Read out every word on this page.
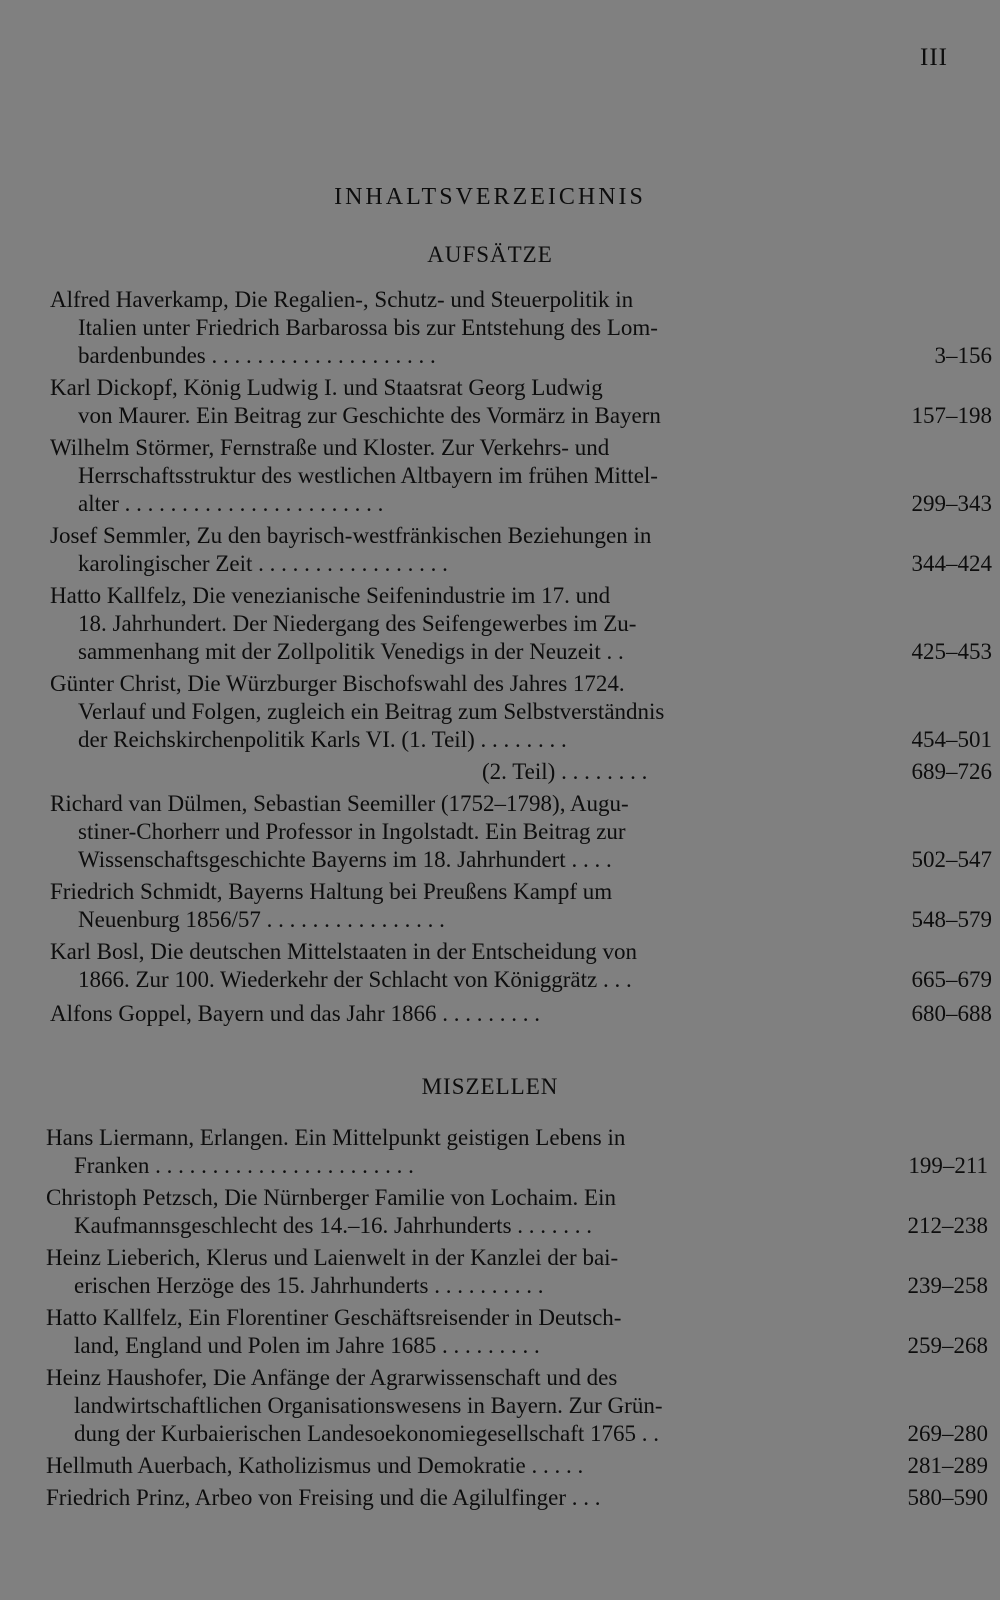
III
INHALTSVERZEICHNIS
AUFSÄTZE
Alfred Haverkamp, Die Regalien-, Schutz- und Steuerpolitik in
Italien unter Friedrich Barbarossa bis zur Entstehung des Lom-
bardenbundes . . . . . . . . . . . . . . . . . . . .	3–156
Karl Dickopf, König Ludwig I. und Staatsrat Georg Ludwig
von Maurer. Ein Beitrag zur Geschichte des Vormärz in Bayern	157–198
Wilhelm Störmer, Fernstraße und Kloster. Zur Verkehrs- und
Herrschaftsstruktur des westlichen Altbayern im frühen Mittel-
alter . . . . . . . . . . . . . . . . . . . . . . .	299–343
Josef Semmler, Zu den bayrisch-westfränkischen Beziehungen in
karolingischer Zeit . . . . . . . . . . . . . . . . .	344–424
Hatto Kallfelz, Die venezianische Seifenindustrie im 17. und
18. Jahrhundert. Der Niedergang des Seifengewerbes im Zu-
sammenhang mit der Zollpolitik Venedigs in der Neuzeit . .	425–453
Günter Christ, Die Würzburger Bischofswahl des Jahres 1724.
Verlauf und Folgen, zugleich ein Beitrag zum Selbstverständnis
der Reichskirchenpolitik Karls VI. (1. Teil) . . . . . . . .	454–501
(2. Teil) . . . . . . . .	689–726
Richard van Dülmen, Sebastian Seemiller (1752–1798), Augu-
stiner-Chorherr und Professor in Ingolstadt. Ein Beitrag zur
Wissenschaftsgeschichte Bayerns im 18. Jahrhundert . . . .	502–547
Friedrich Schmidt, Bayerns Haltung bei Preußens Kampf um
Neuenburg 1856/57 . . . . . . . . . . . . . . . .	548–579
Karl Bosl, Die deutschen Mittelstaaten in der Entscheidung von
1866. Zur 100. Wiederkehr der Schlacht von Königgrätz . . .	665–679
Alfons Goppel, Bayern und das Jahr 1866 . . . . . . . . .	680–688
MISZELLEN
Hans Liermann, Erlangen. Ein Mittelpunkt geistigen Lebens in
Franken . . . . . . . . . . . . . . . . . . . . . . .	199–211
Christoph Petzsch, Die Nürnberger Familie von Lochaim. Ein
Kaufmannsgeschlecht des 14.–16. Jahrhunderts . . . . . . .	212–238
Heinz Lieberich, Klerus und Laienwelt in der Kanzlei der bai-
erischen Herzöge des 15. Jahrhunderts . . . . . . . . . .	239–258
Hatto Kallfelz, Ein Florentiner Geschäftsreisender in Deutsch-
land, England und Polen im Jahre 1685 . . . . . . . . .	259–268
Heinz Haushofer, Die Anfänge der Agrarwissenschaft und des
landwirtschaftlichen Organisationswesens in Bayern. Zur Grün-
dung der Kurbaierischen Landesoekonomiegesellschaft 1765 . .	269–280
Hellmuth Auerbach, Katholizismus und Demokratie . . . . .	281–289
Friedrich Prinz, Arbeo von Freising und die Agilulfinger . . .	580–590
